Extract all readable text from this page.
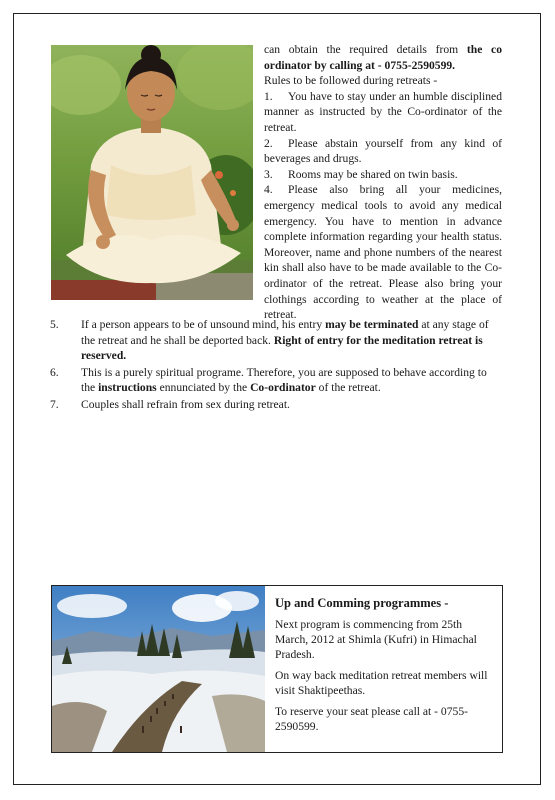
can obtain the required details from the co ordinator by calling at - 0755-2590599.

Rules to be followed during retreats -

1. You have to stay under an humble disciplined manner as instructed by the Co-ordinator of the retreat.

2. Please abstain yourself from any kind of beverages and drugs.

3. Rooms may be shared on twin basis.

4. Please also bring all your medicines, emergency medical tools to avoid any medical emergency. You have to mention in advance complete information regarding your health status. Moreover, name and phone numbers of the nearest kin shall also have to be made available to the Co-ordinator of the retreat. Please also bring your clothings according to weather at the place of retreat.

5.	If a person appears to be of unsound mind, his entry may be terminated at any stage of the retreat and he shall be deported back. Right of entry for the meditation retreat is reserved.
6.	This is a purely spiritual programe. Therefore, you are supposed to behave according to the instructions ennunciated by the Co-ordinator of the retreat.
7.	Couples shall refrain from sex during retreat.
Up and Comming programmes -

Next program is commencing from 25th March, 2012 at Shimla (Kufri) in Himachal Pradesh.

On way back meditation retreat members will visit Shaktipeethas.

To reserve your seat please call at - 0755-2590599.
